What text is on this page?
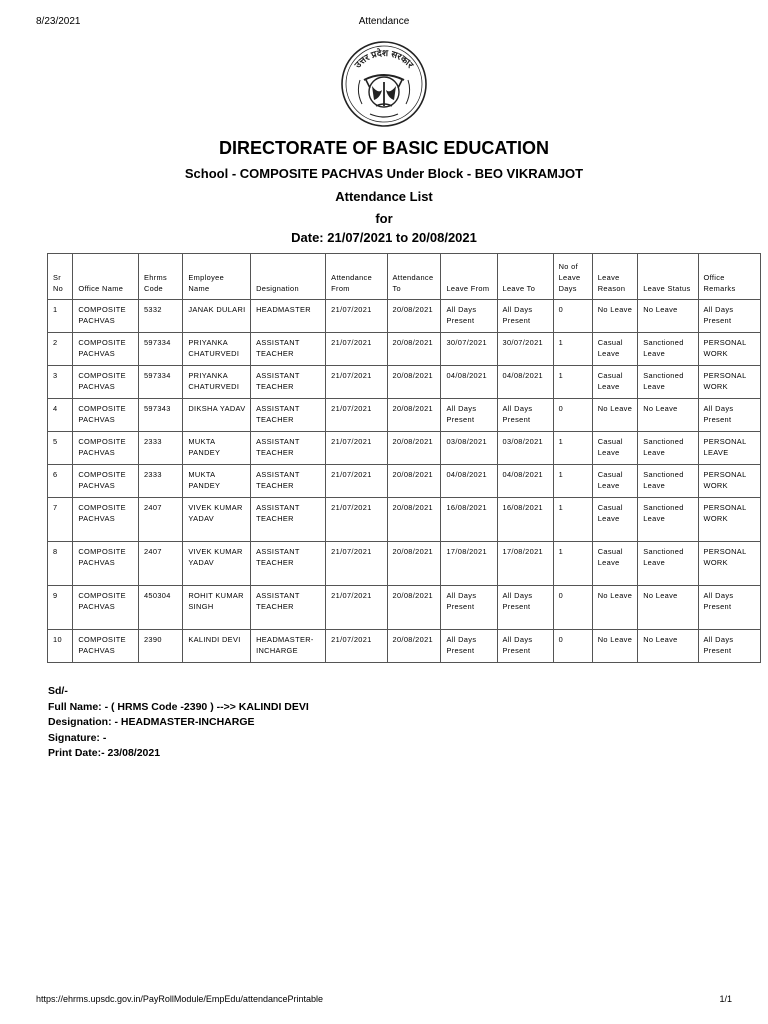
8/23/2021	Attendance
उत्तर प्रदेश सरकार
DIRECTORATE OF BASIC EDUCATION
School - COMPOSITE PACHVAS Under Block - BEO VIKRAMJOT
Attendance List
for
Date: 21/07/2021 to 20/08/2021
Sr No	Office Name	Ehrms Code	Employee Name	Designation	Attendance From	Attendance To	Leave From	Leave To	No of Leave Days	Leave Reason	Leave Status	Office Remarks
1	COMPOSITE PACHVAS	5332	JANAK DULARI	HEADMASTER	21/07/2021	20/08/2021	All Days Present	All Days Present	0	No Leave	No Leave	All Days Present
2	COMPOSITE PACHVAS	597334	PRIYANKA CHATURVEDI	ASSISTANT TEACHER	21/07/2021	20/08/2021	30/07/2021	30/07/2021	1	Casual Leave	Sanctioned Leave	PERSONAL WORK
3	COMPOSITE PACHVAS	597334	PRIYANKA CHATURVEDI	ASSISTANT TEACHER	21/07/2021	20/08/2021	04/08/2021	04/08/2021	1	Casual Leave	Sanctioned Leave	PERSONAL WORK
4	COMPOSITE PACHVAS	597343	DIKSHA YADAV	ASSISTANT TEACHER	21/07/2021	20/08/2021	All Days Present	All Days Present	0	No Leave	No Leave	All Days Present
5	COMPOSITE PACHVAS	2333	MUKTA PANDEY	ASSISTANT TEACHER	21/07/2021	20/08/2021	03/08/2021	03/08/2021	1	Casual Leave	Sanctioned Leave	PERSONAL LEAVE
6	COMPOSITE PACHVAS	2333	MUKTA PANDEY	ASSISTANT TEACHER	21/07/2021	20/08/2021	04/08/2021	04/08/2021	1	Casual Leave	Sanctioned Leave	PERSONAL WORK
7	COMPOSITE PACHVAS	2407	VIVEK KUMAR YADAV	ASSISTANT TEACHER	21/07/2021	20/08/2021	16/08/2021	16/08/2021	1	Casual Leave	Sanctioned Leave	PERSONAL WORK
8	COMPOSITE PACHVAS	2407	VIVEK KUMAR YADAV	ASSISTANT TEACHER	21/07/2021	20/08/2021	17/08/2021	17/08/2021	1	Casual Leave	Sanctioned Leave	PERSONAL WORK
9	COMPOSITE PACHVAS	450304	ROHIT KUMAR SINGH	ASSISTANT TEACHER	21/07/2021	20/08/2021	All Days Present	All Days Present	0	No Leave	No Leave	All Days Present
10	COMPOSITE PACHVAS	2390	KALINDI DEVI	HEADMASTER-INCHARGE	21/07/2021	20/08/2021	All Days Present	All Days Present	0	No Leave	No Leave	All Days Present
Sd/-
Full Name: - ( HRMS Code -2390 ) -->> KALINDI DEVI
Designation: - HEADMASTER-INCHARGE
Signature: -
Print Date:- 23/08/2021
https://ehrms.upsdc.gov.in/PayRollModule/EmpEdu/attendancePrintable	1/1
